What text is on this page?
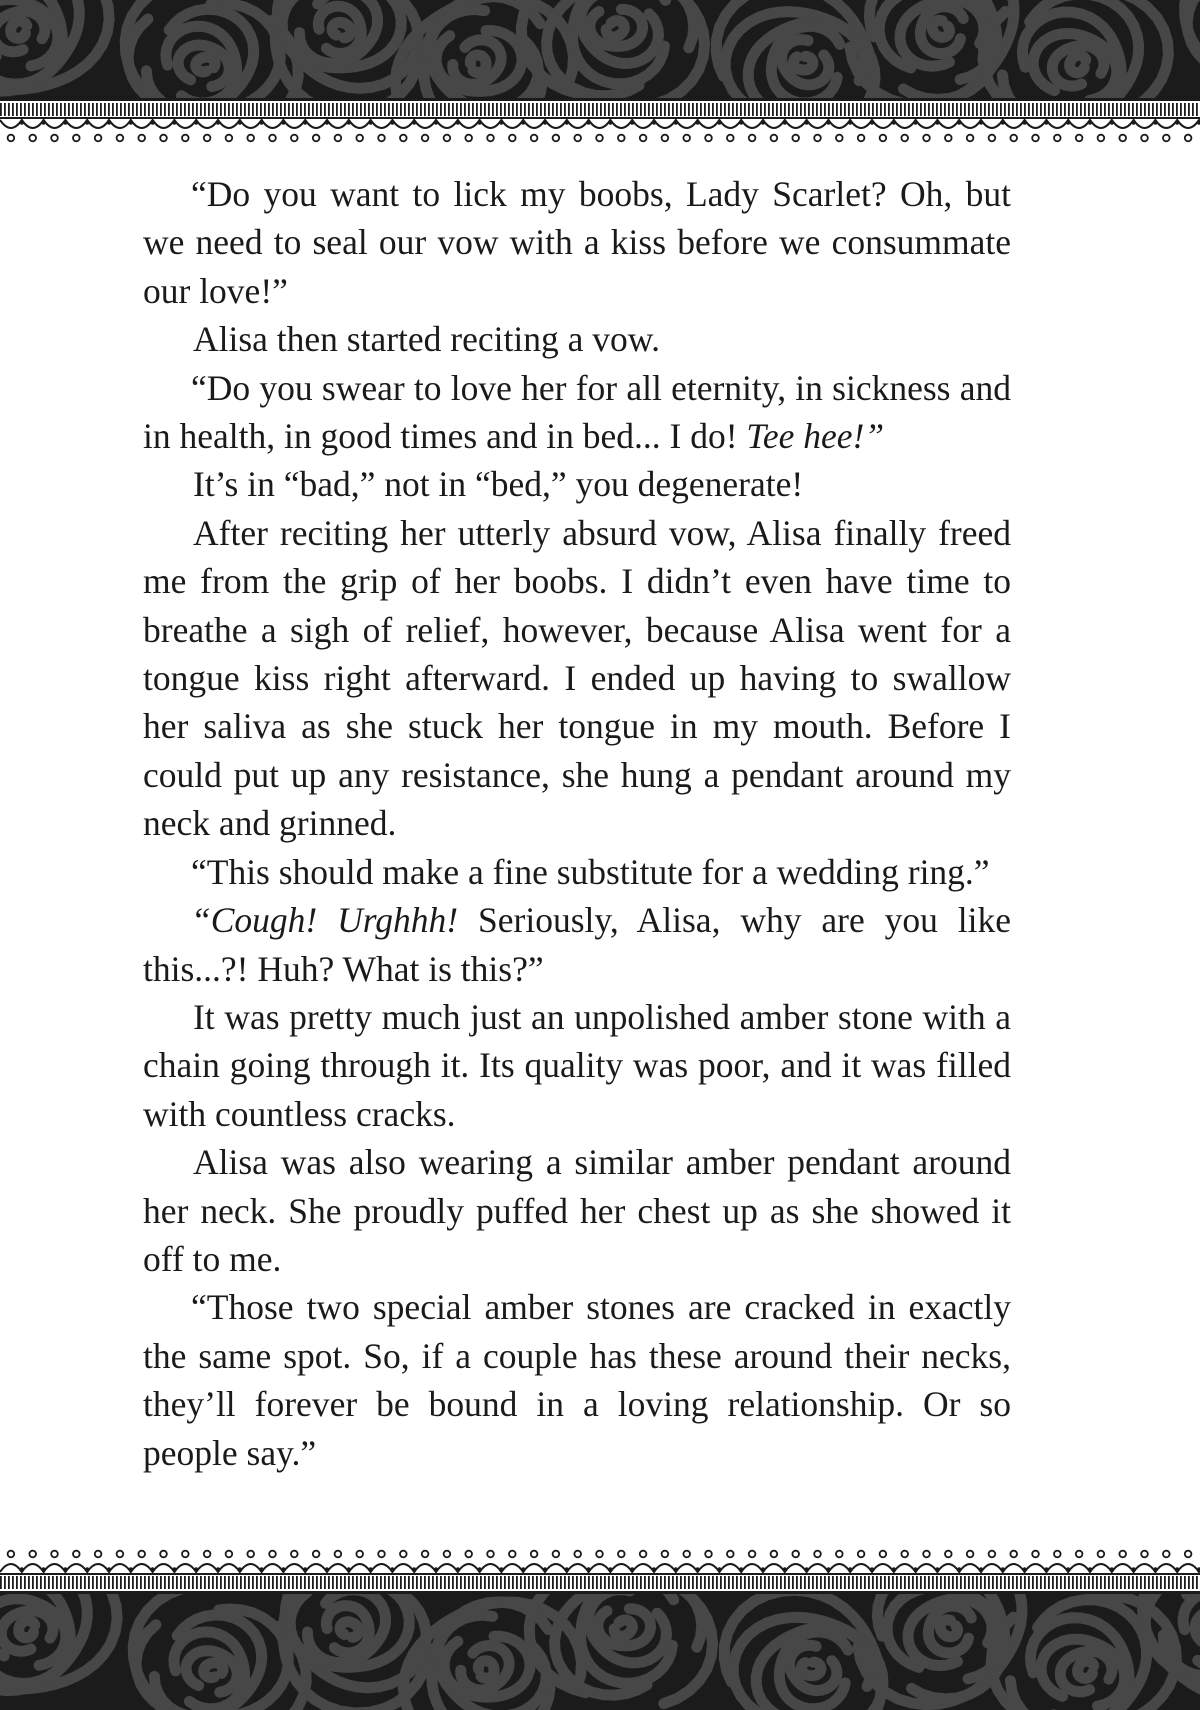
“Do you want to lick my boobs, Lady Scarlet? Oh, but we need to seal our vow with a kiss before we consummate our love!”

Alisa then started reciting a vow.

“Do you swear to love her for all eternity, in sickness and in health, in good times and in bed... I do! Tee hee!”

It’s in “bad,” not in “bed,” you degenerate!

After reciting her utterly absurd vow, Alisa finally freed me from the grip of her boobs. I didn’t even have time to breathe a sigh of relief, however, because Alisa went for a tongue kiss right afterward. I ended up having to swallow her saliva as she stuck her tongue in my mouth. Before I could put up any resistance, she hung a pendant around my neck and grinned.

“This should make a fine substitute for a wedding ring.”

“Cough! Urghhh! Seriously, Alisa, why are you like this...?! Huh? What is this?”

It was pretty much just an unpolished amber stone with a chain going through it. Its quality was poor, and it was filled with countless cracks.

Alisa was also wearing a similar amber pendant around her neck. She proudly puffed her chest up as she showed it off to me.

“Those two special amber stones are cracked in exactly the same spot. So, if a couple has these around their necks, they’ll forever be bound in a loving relationship. Or so people say.”
